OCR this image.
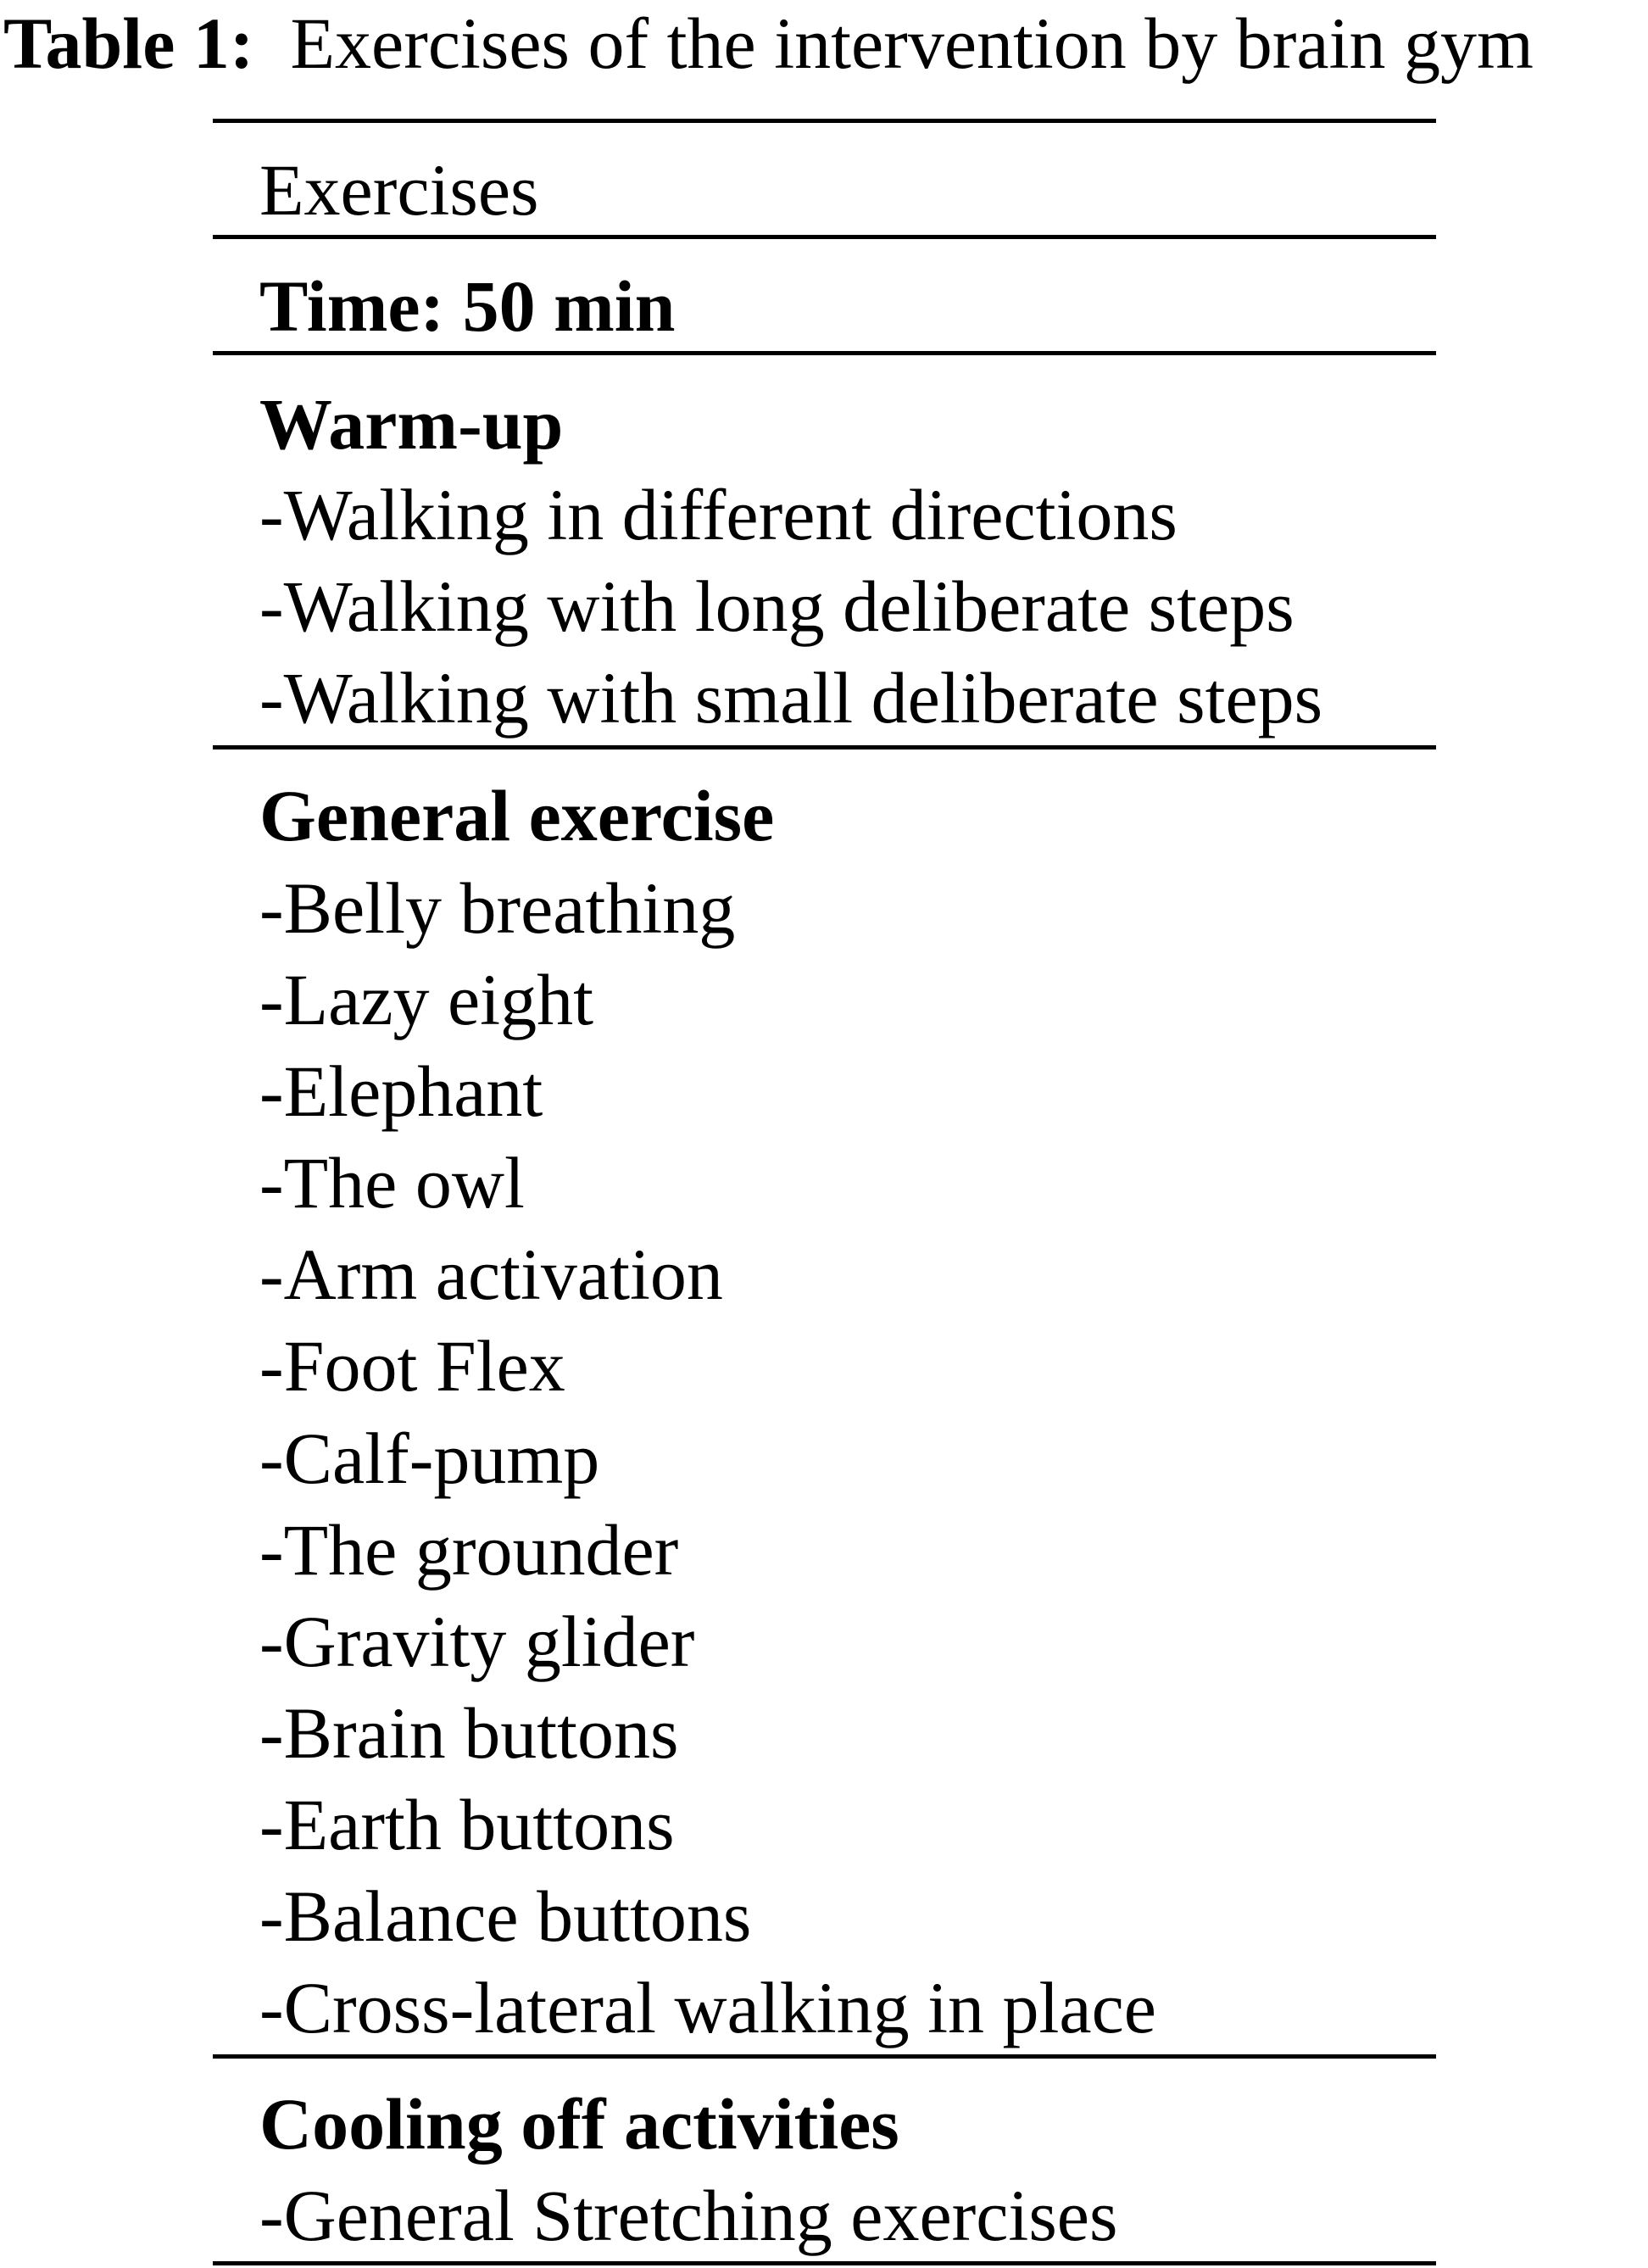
Table 1: Exercises of the intervention by brain gym
Exercises
Time: 50 min
Warm-up
-Walking in different directions
-Walking with long deliberate steps
-Walking with small deliberate steps
General exercise
-Belly breathing
-Lazy eight
-Elephant
-The owl
-Arm activation
-Foot Flex
-Calf-pump
-The grounder
-Gravity glider
-Brain buttons
-Earth buttons
-Balance buttons
-Cross-lateral walking in place
Cooling off activities
-General Stretching exercises
